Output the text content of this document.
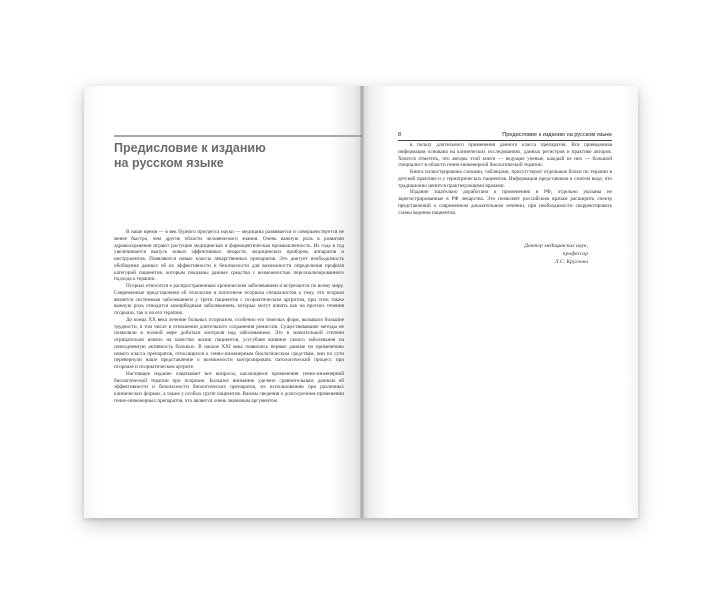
Предисловие к изданию
на русском языке

В наше время — в век бурного прогресса науки — медицина развивается и совершенствуется не менее быстро, чем другие области человеческого знания. Очень важную роль в развитии здравоохранения играют растущие медицинская и фармацевтическая промышленность. Из года в год увеличивается выпуск новых эффективных лекарств, медицинских приборов, аппаратов и инструментов. Появляются новые классы лекарственных препаратов. Это диктует необходимость обобщения данных об их эффективности и безопасности для возможности определения профиля категорий пациентов, которым показаны данные средства с возможностью персонализированного подхода к терапии.

Псориаз относится к распространенным хроническим заболеваниям и встречается по всему миру. Современные представления об этиологии и патогенезе псориаза специалистов к тому, что псориаз является системным заболеванием у трети пациентов с псориатическим артритом, при этом также важную роль отводится коморбидным заболеваниям, которые могут влиять как на прогноз течения псориаза, так и на его терапию.

До конца XX века лечение больных псориазом, особенно его тяжелых форм, вызывало большие трудности, в том числе в отношении длительного сохранения ремиссии. Существовавшие методы не позволяли в полной мере добиться контроля над заболеванием. Это в значительной степени отрицательно влияло на качество жизни пациентов, усугубляя влияние самого заболевания на повседневную активность больных. В начале XXI века появились первые данные по применению нового класса препаратов, относящихся к генно-инженерным биологическим средствам, они по сути перевернули наше представление о возможности контролировать патологический процесс при псориазе и псориатическом артрите.

Настоящее издание охватывает все вопросы, касающиеся применения генно-инженерной биологической терапии при псориазе. Большое внимание уделено сравнительным данным об эффективности и безопасности биологических препаратов, их использованию при различных клинических формах, а также у особых групп пациентов. Важны сведения о долгосрочном применении генно-инженерных препаратов, что является очень значимым аргументом

8	Предисловие к изданию на русском языке

в пользу длительного применения данного класса препаратов. Вся приведенная информация основана на клинических исследованиях, данных регистров и практике авторов. Хочется отметить, что авторы этой книги — ведущие ученые, каждый из них — большой специалист в области генно-инженерной биологической терапии.

Книга иллюстрирована схемами, таблицами, присутствуют отдельные блоки по терапии в детской практике и у гериатрических пациентов. Информация представлена в сжатом виде, что традиционно ценится практикующими врачами.

Издание тщательно доработано к применению в РФ, отдельно указаны не зарегистрированные в РФ лекарства. Это позволяет российским врачам расширить спектр представлений о современном доказательном лечении, при необходимости скорректировать схемы ведения пациентов.

Доктор медицинских наук,
профессор
Л.С. Круглова
